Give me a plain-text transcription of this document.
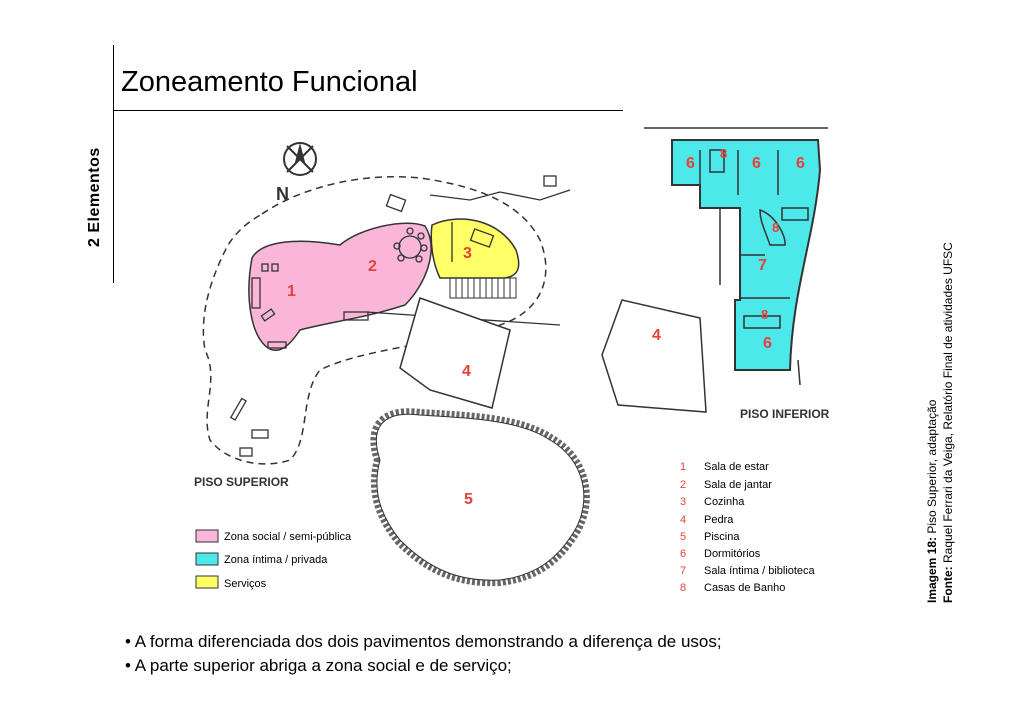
2 Elementos
Zoneamento Funcional
N
1
2
3
4
4
5
6	6 6
6
7
8
8
8
PISO SUPERIOR
PISO INFERIOR
Zona social / semi-pública
Zona íntima / privada
Serviços
1 Sala de estar
2 Sala de jantar
3 Cozinha
4 Pedra
5 Piscina
6 Dormitórios
7 Sala íntima / biblioteca
8 Casas de Banho	Imagem 18: Piso Superior, adaptação
Fonte: Raquel Ferrari da Veiga, Relatório Final de atividades UFSC
• A forma diferenciada dos dois pavimentos demonstrando a diferença de usos;
• A parte superior abriga a zona social e de serviço;
